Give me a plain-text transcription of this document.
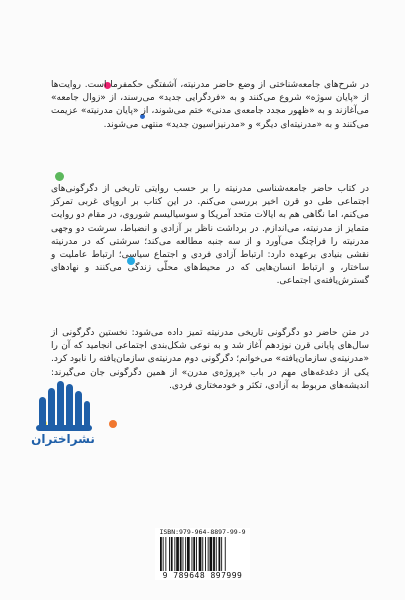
در شرح‌های جامعه‌شناختی از وضع حاضر مدرنیته، آشفتگی حکمفرما است. روایت‌ها از «پایان سوژه» شروع می‌کنند و به «فردگرایی جدید» می‌رسند، از «زوال جامعه» می‌آغازند و به «ظهور مجدد جامعه‌ی مدنی» ختم می‌شوند، از «پایان مدرنیته» عزیمت می‌کنند و به «مدرنیته‌ای دیگر» و «مدرنیزاسیون جدید» منتهی می‌شوند.

در کتاب حاضر جامعه‌شناسی مدرنیته را بر حسب روایتی تاریخی از دگرگونی‌های اجتماعی طی دو قرن اخیر بررسی می‌کنم. در این کتاب بر اروپای غربی تمرکز می‌کنم، اما نگاهی هم به ایالات متحد آمریکا و سوسیالیسم شوروی، در مقام دو روایت متمایز از مدرنیته، می‌اندازم. در برداشت ناظر بر آزادی و انضباط، سرشت دو وجهی مدرنیته را فراچنگ می‌آورد و از سه جنبه مطالعه می‌کند؛ سرشتی که در مدرنیته نقشی بنیادی برعهده دارد: ارتباط آزادی فردی و اجتماع سیاسی؛ ارتباط عاملیت و ساختار، و ارتباط انسان‌هایی که در محیط‌های محلّی زندگی می‌کنند و نهادهای گسترش‌یافته‌ی اجتماعی.

در متن حاضر دو دگرگونی تاریخی مدرنیته تمیز داده می‌شود: نخستین دگرگونی از سال‌های پایانی قرن نوزدهم آغاز شد و به نوعی شکل‌بندی اجتماعی انجامید که آن را «مدرنیته‌ی سازمان‌یافته» می‌خوانم؛ دگرگونی دوم مدرنیته‌ی سازمان‌یافته را نابود کرد. یکی از دغدغه‌های مهم در باب «پروژه‌ی مدرن» از همین دگرگونی جان می‌گیرند: اندیشه‌های مربوط به آزادی، تکثر و خودمختاری فردی.

نشراختران
ISBN:979-964-8897-99-9
9 789648 897999
